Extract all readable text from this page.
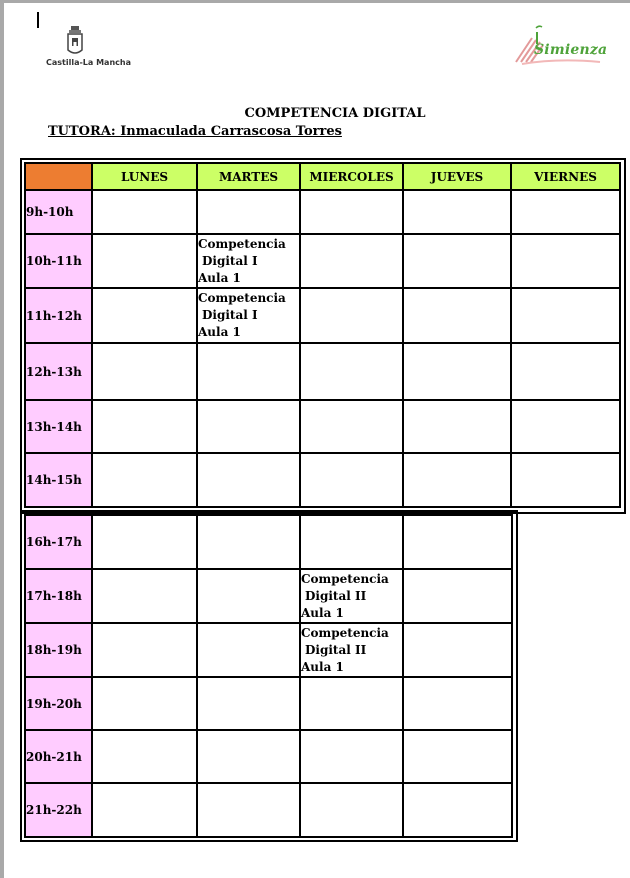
Castilla-La Mancha
Simienza
COMPETENCIA DIGITAL
TUTORA: Inmaculada Carrascosa Torres
	LUNES	MARTES	MIERCOLES	JUEVES	VIERNES
9h-10h					
10h-11h		Competencia
Digital I
Aula 1			

11h-12h		Competencia
Digital I
Aula 1			

12h-13h					
13h-14h					
14h-15h					
16h-17h				
17h-18h			Competencia
Digital II
Aula 1	

18h-19h			Competencia
Digital II
Aula 1	

19h-20h				
20h-21h				
21h-22h				
